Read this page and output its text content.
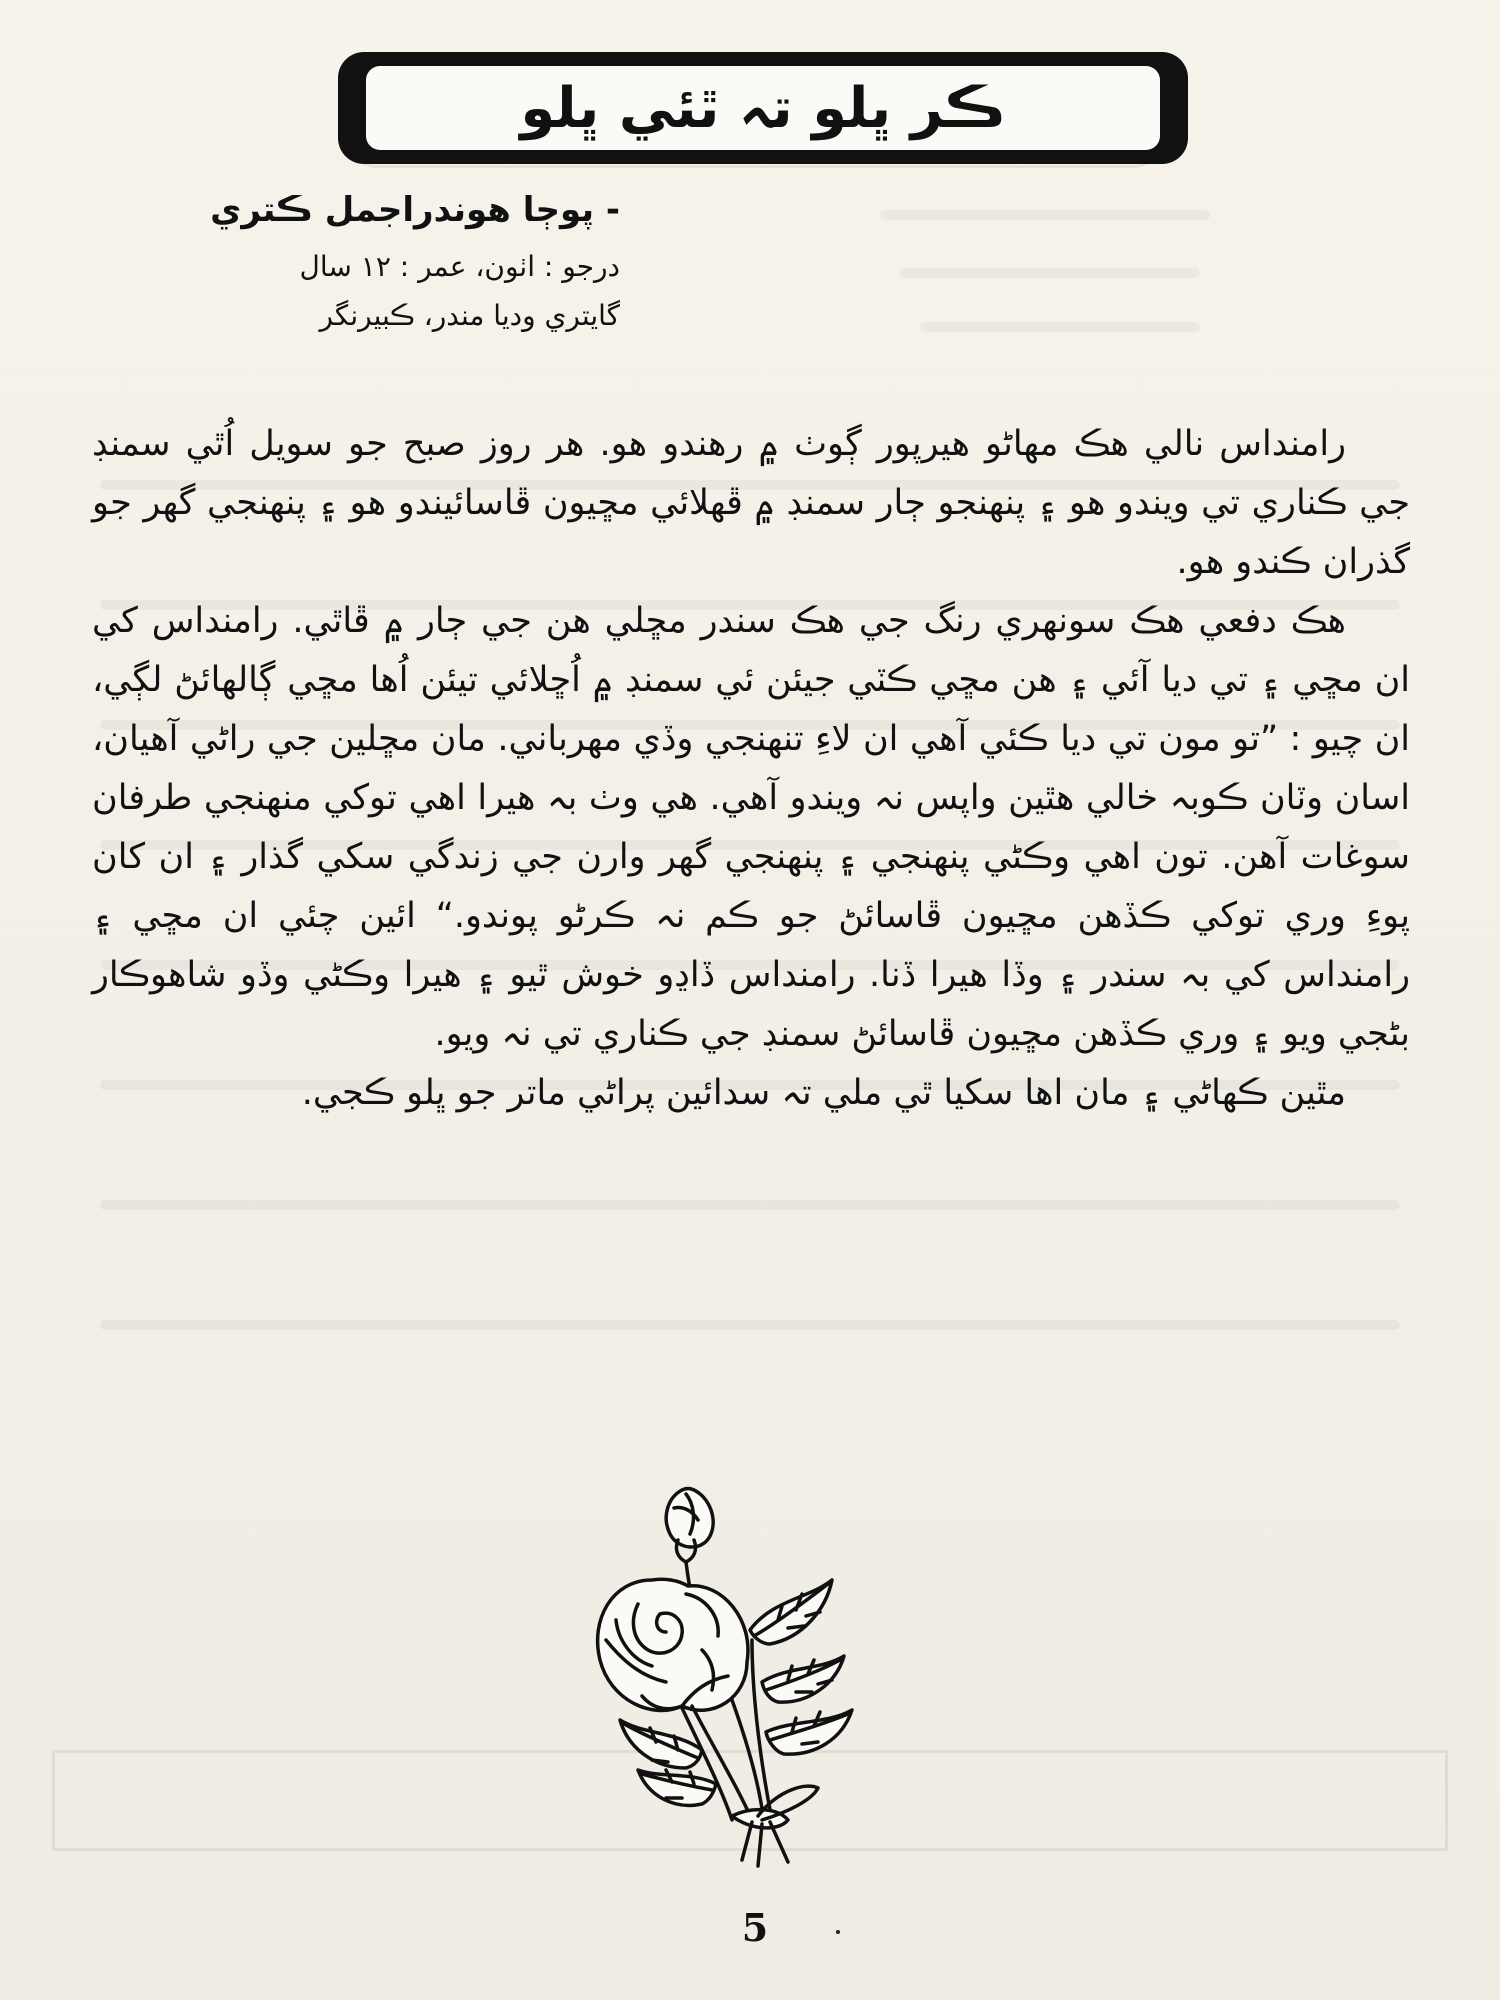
ڪر ڀلو تہ ٿئي ڀلو

- پوڄا هوندراجمل ڪتري

درجو : اٺون، عمر : ١٢ سال

گايتري وديا مندر، ڪبيرنگر

رامنداس نالي هڪ مهاڻو هيرپور ڳوٺ ۾ رهندو هو. هر روز صبح جو سويل اُٿي سمنڊ جي ڪناري تي ويندو هو ۽ پنهنجو ڄار سمنڊ ۾ ڦهلائي مڇيون ڦاسائيندو هو ۽ پنهنجي گهر جو گذران ڪندو هو.

هڪ دفعي هڪ سونهري رنگ جي هڪ سندر مڇلي هن جي ڄار ۾ ڦاٿي. رامنداس کي ان مڇي ۽ تي ديا آئي ۽ هن مڇي ڪٽي جيئن ئي سمنڊ ۾ اُڇلائي تيئن اُها مڇي ڳالهائڻ لڳي، ان چيو : ”تو مون تي ديا ڪئي آهي ان لاءِ تنهنجي وڏي مهرباني. مان مڇلين جي راڻي آهيان، اسان وٽان ڪوبہ خالي هٿين واپس نہ ويندو آهي. هي وٺ بہ هيرا اهي توکي منهنجي طرفان سوغات آهن. تون اهي وڪڻي پنهنجي ۽ پنهنجي گهر وارن جي زندگي سکي گذار ۽ ان کان پوءِ وري توکي ڪڏهن مڇيون ڦاسائڻ جو ڪم نہ ڪرڻو پوندو.“ ائين چئي ان مڇي ۽ رامنداس کي بہ سندر ۽ وڏا هيرا ڏنا. رامنداس ڏاڍو خوش ٿيو ۽ هيرا وڪڻي وڏو شاهوڪار بڻجي ويو ۽ وري ڪڏهن مڇيون ڦاسائڻ سمنڊ جي ڪناري تي نہ ويو.

مٿين ڪهاڻي ۽ مان اها سکيا ٿي ملي تہ سدائين پراڻي ماتر جو ڀلو ڪجي.

5
